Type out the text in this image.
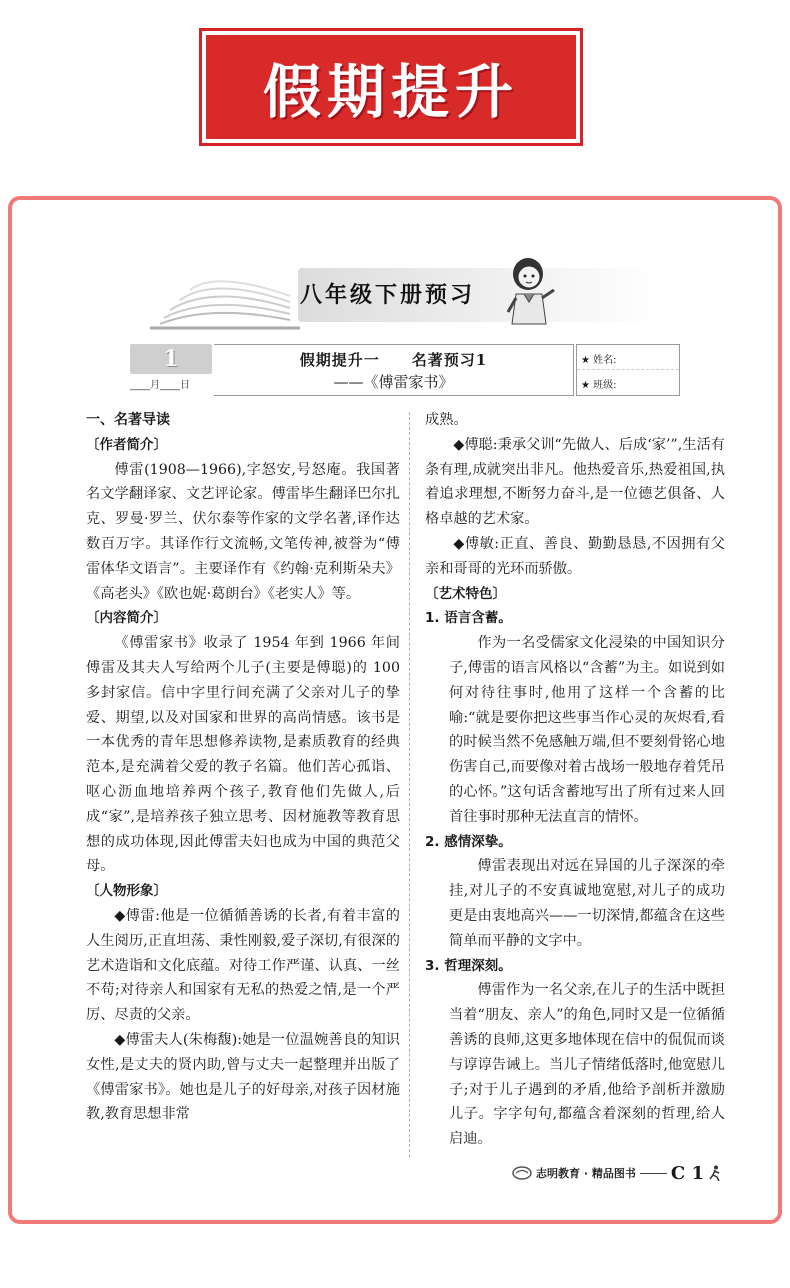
假期提升
八年级下册预习
1
____月____日
假期提升一　　名著预习1
——《傅雷家书》
★ 姓名:
★ 班级:
一、名著导读
〔作者简介〕
傅雷(1908—1966),字怒安,号怒庵。我国著名文学翻译家、文艺评论家。傅雷毕生翻译巴尔扎克、罗曼·罗兰、伏尔泰等作家的文学名著,译作达数百万字。其译作行文流畅,文笔传神,被誉为“傅雷体华文语言”。主要译作有《约翰·克利斯朵夫》《高老头》《欧也妮·葛朗台》《老实人》等。
〔内容简介〕
《傅雷家书》收录了 1954 年到 1966 年间傅雷及其夫人写给两个儿子(主要是傅聪)的 100 多封家信。信中字里行间充满了父亲对儿子的挚爱、期望,以及对国家和世界的高尚情感。该书是一本优秀的青年思想修养读物,是素质教育的经典范本,是充满着父爱的教子名篇。他们苦心孤诣、呕心沥血地培养两个孩子,教育他们先做人,后成“家”,是培养孩子独立思考、因材施教等教育思想的成功体现,因此傅雷夫妇也成为中国的典范父母。
〔人物形象〕
◆傅雷:他是一位循循善诱的长者,有着丰富的人生阅历,正直坦荡、秉性刚毅,爱子深切,有很深的艺术造诣和文化底蕴。对待工作严谨、认真、一丝不苟;对待亲人和国家有无私的热爱之情,是一个严厉、尽责的父亲。
◆傅雷夫人(朱梅馥):她是一位温婉善良的知识女性,是丈夫的贤内助,曾与丈夫一起整理并出版了《傅雷家书》。她也是儿子的好母亲,对孩子因材施教,教育思想非常
成熟。
◆傅聪:秉承父训“先做人、后成‘家’”,生活有条有理,成就突出非凡。他热爱音乐,热爱祖国,执着追求理想,不断努力奋斗,是一位德艺俱备、人格卓越的艺术家。
◆傅敏:正直、善良、勤勤恳恳,不因拥有父亲和哥哥的光环而骄傲。
〔艺术特色〕
1. 语言含蓄。
作为一名受儒家文化浸染的中国知识分子,傅雷的语言风格以“含蓄”为主。如说到如何对待往事时,他用了这样一个含蓄的比喻:“就是要你把这些事当作心灵的灰烬看,看的时候当然不免感触万端,但不要刻骨铭心地伤害自己,而要像对着古战场一般地存着凭吊的心怀。”这句话含蓄地写出了所有过来人回首往事时那种无法直言的情怀。
2. 感情深挚。
傅雷表现出对远在异国的儿子深深的牵挂,对儿子的不安真诚地宽慰,对儿子的成功更是由衷地高兴——一切深情,都蕴含在这些简单而平静的文字中。
3. 哲理深刻。
傅雷作为一名父亲,在儿子的生活中既担当着“朋友、亲人”的角色,同时又是一位循循善诱的良师,这更多地体现在信中的侃侃而谈与谆谆告诫上。当儿子情绪低落时,他宽慰儿子;对于儿子遇到的矛盾,他给予剖析并激励儿子。字字句句,都蕴含着深刻的哲理,给人启迪。
志明教育 · 精品图书 C 1
